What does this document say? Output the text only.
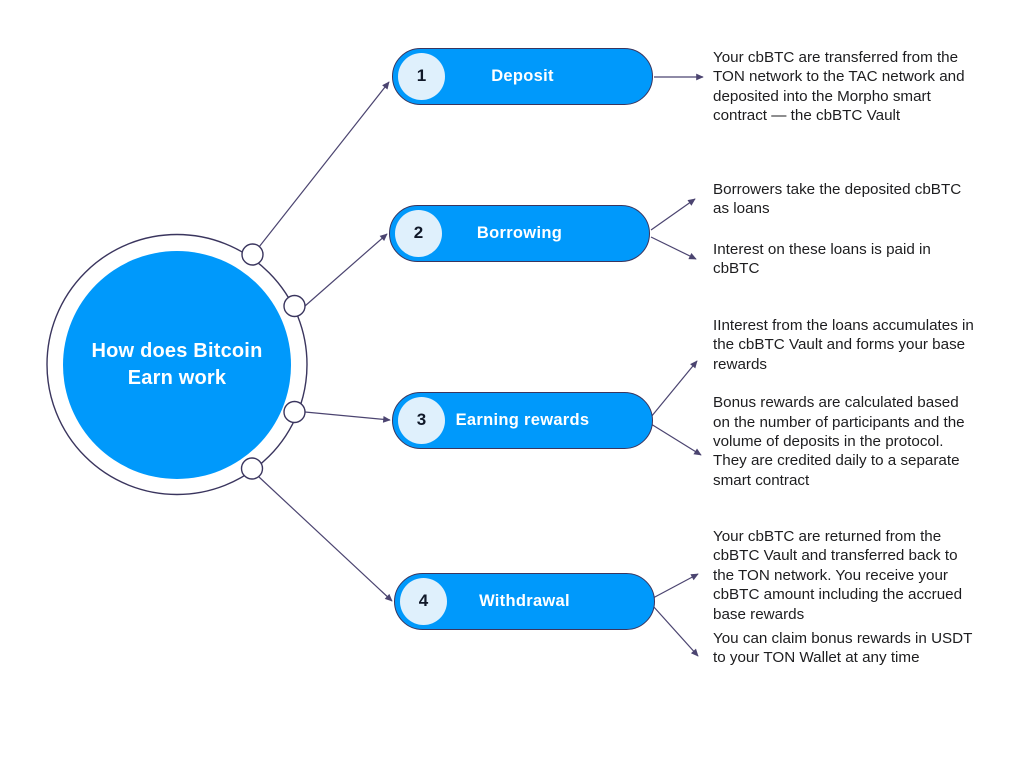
How does Bitcoin
Earn work
1	Deposit
2	Borrowing
3	Earning rewards
4	Withdrawal

Your cbBTC are transferred from the TON network to the TAC network and deposited into the Morpho smart contract — the cbBTC Vault

Borrowers take the deposited cbBTC as loans

Interest on these loans is paid in cbBTC

IInterest from the loans accumulates in the cbBTC Vault and forms your base rewards

Bonus rewards are calculated based on the number of participants and the volume of deposits in the protocol. They are credited daily to a separate smart contract

Your cbBTC are returned from the cbBTC Vault and transferred back to the TON network. You receive your cbBTC amount including the accrued base rewards

You can claim bonus rewards in USDT to your TON Wallet at any time
